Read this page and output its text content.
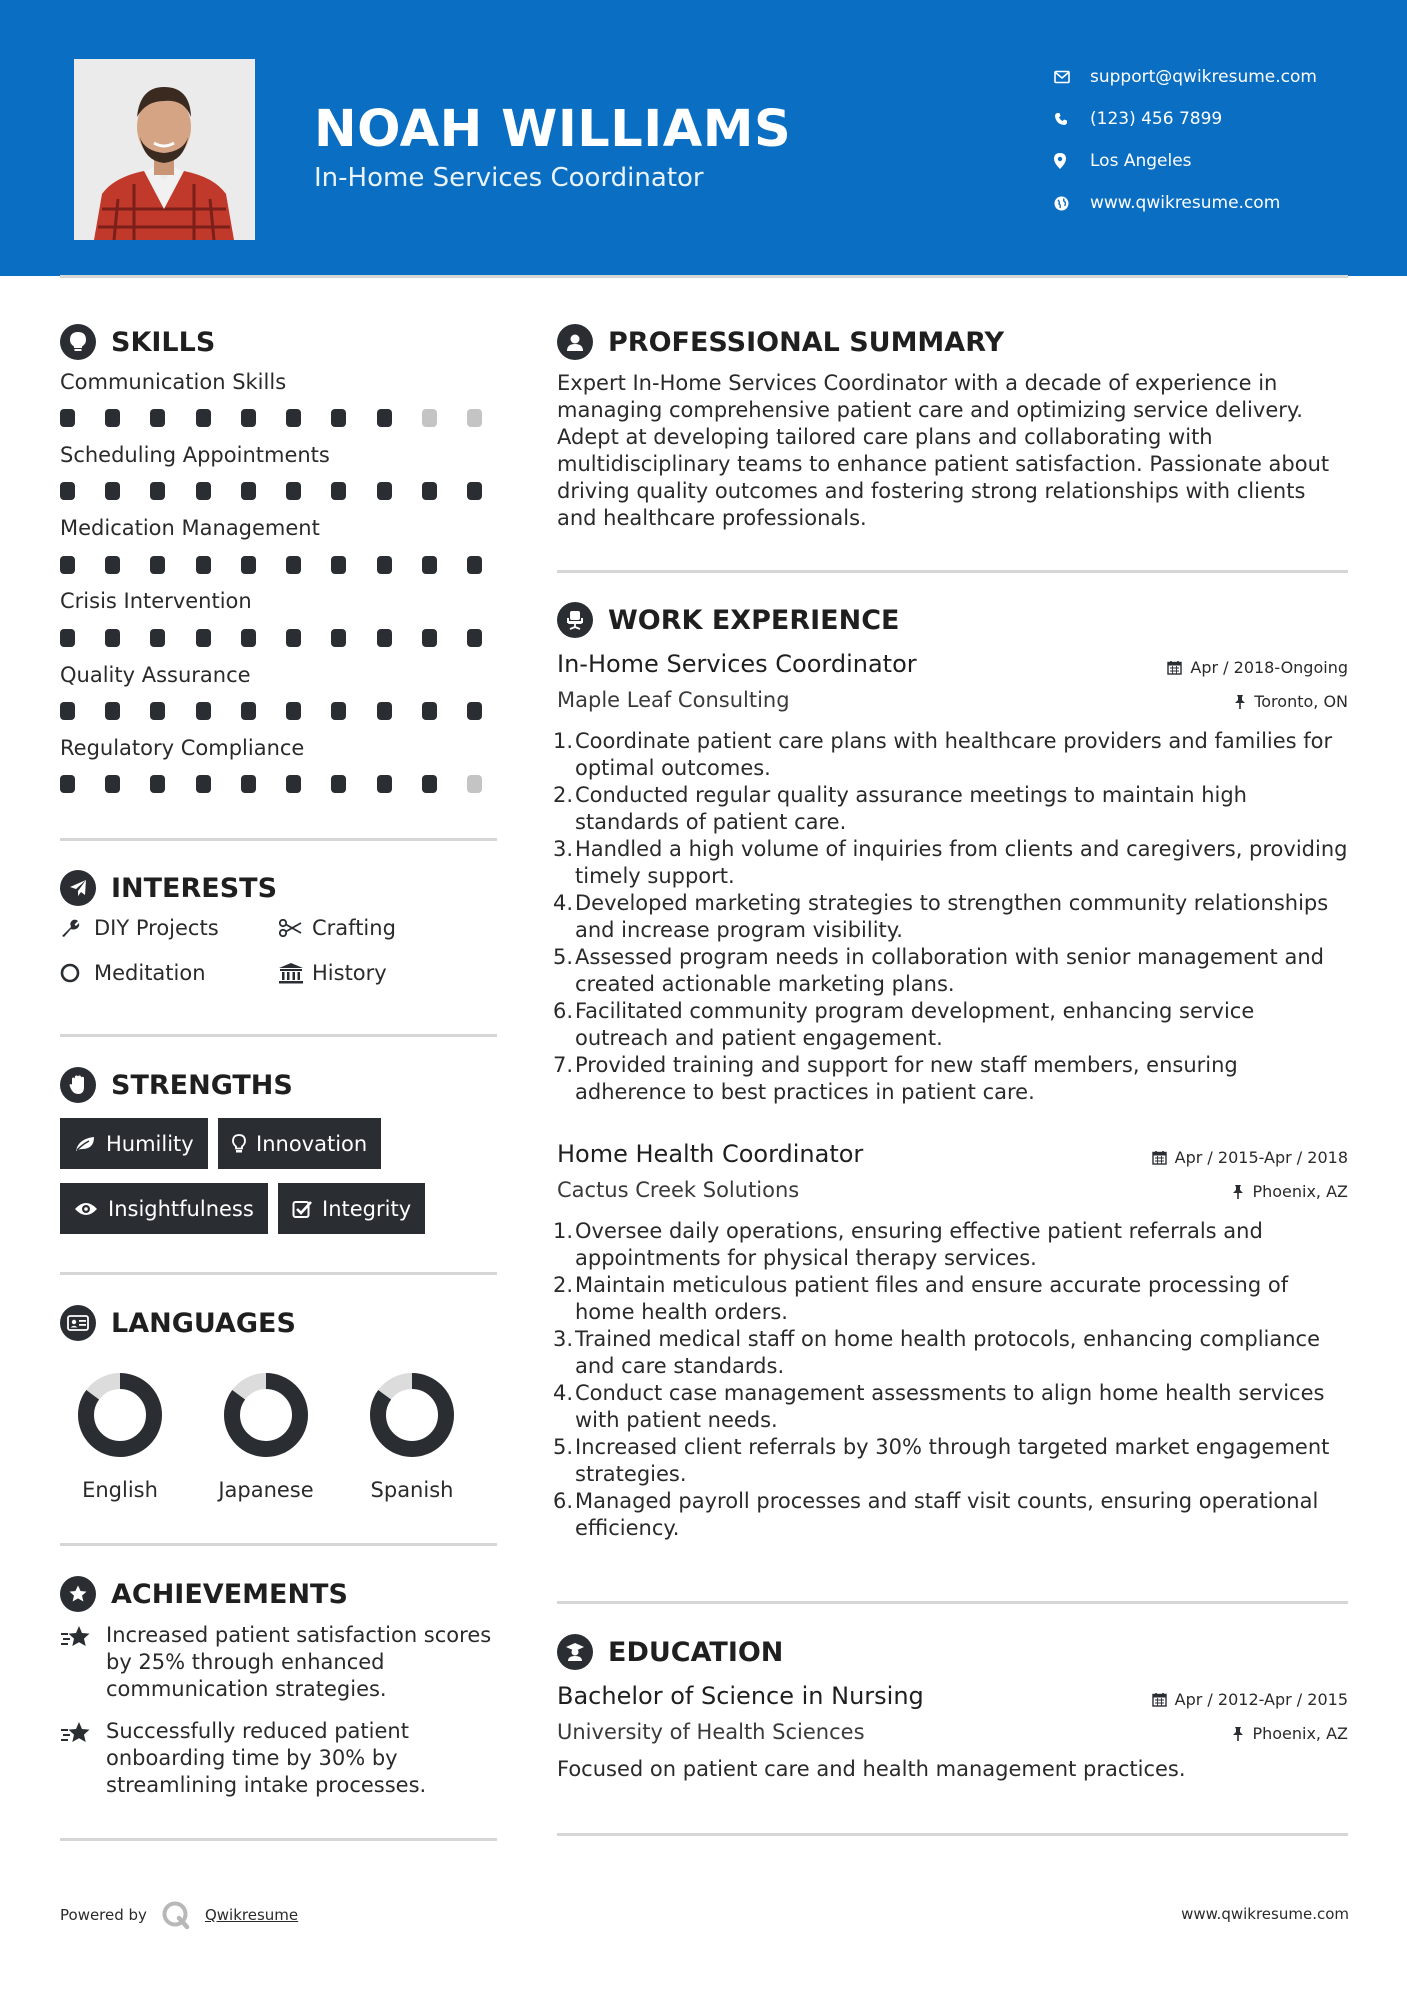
NOAH WILLIAMS
In-Home Services Coordinator
support@qwikresume.com
(123) 456 7899
Los Angeles
www.qwikresume.com
SKILLS
Communication Skills
Scheduling Appointments
Medication Management
Crisis Intervention
Quality Assurance
Regulatory Compliance
INTERESTS
DIY Projects	Crafting
Meditation	History
STRENGTHS
Humility	Innovation
Insightfulness	Integrity
LANGUAGES
English	Japanese	Spanish
ACHIEVEMENTS
Increased patient satisfaction scores by 25% through enhanced communication strategies.
Successfully reduced patient onboarding time by 30% by streamlining intake processes.
PROFESSIONAL SUMMARY
Expert In-Home Services Coordinator with a decade of experience in managing comprehensive patient care and optimizing service delivery. Adept at developing tailored care plans and collaborating with multidisciplinary teams to enhance patient satisfaction. Passionate about driving quality outcomes and fostering strong relationships with clients and healthcare professionals.
WORK EXPERIENCE
In-Home Services Coordinator	Apr / 2018-Ongoing
Maple Leaf Consulting	Toronto, ON
1. Coordinate patient care plans with healthcare providers and families for optimal outcomes.
2. Conducted regular quality assurance meetings to maintain high standards of patient care.
3. Handled a high volume of inquiries from clients and caregivers, providing timely support.
4. Developed marketing strategies to strengthen community relationships and increase program visibility.
5. Assessed program needs in collaboration with senior management and created actionable marketing plans.
6. Facilitated community program development, enhancing service outreach and patient engagement.
7. Provided training and support for new staff members, ensuring adherence to best practices in patient care.
Home Health Coordinator	Apr / 2015-Apr / 2018
Cactus Creek Solutions	Phoenix, AZ
1. Oversee daily operations, ensuring effective patient referrals and appointments for physical therapy services.
2. Maintain meticulous patient files and ensure accurate processing of home health orders.
3. Trained medical staff on home health protocols, enhancing compliance and care standards.
4. Conduct case management assessments to align home health services with patient needs.
5. Increased client referrals by 30% through targeted market engagement strategies.
6. Managed payroll processes and staff visit counts, ensuring operational efficiency.
EDUCATION
Bachelor of Science in Nursing	Apr / 2012-Apr / 2015
University of Health Sciences	Phoenix, AZ
Focused on patient care and health management practices.
Powered by	Qwikresume	www.qwikresume.com
